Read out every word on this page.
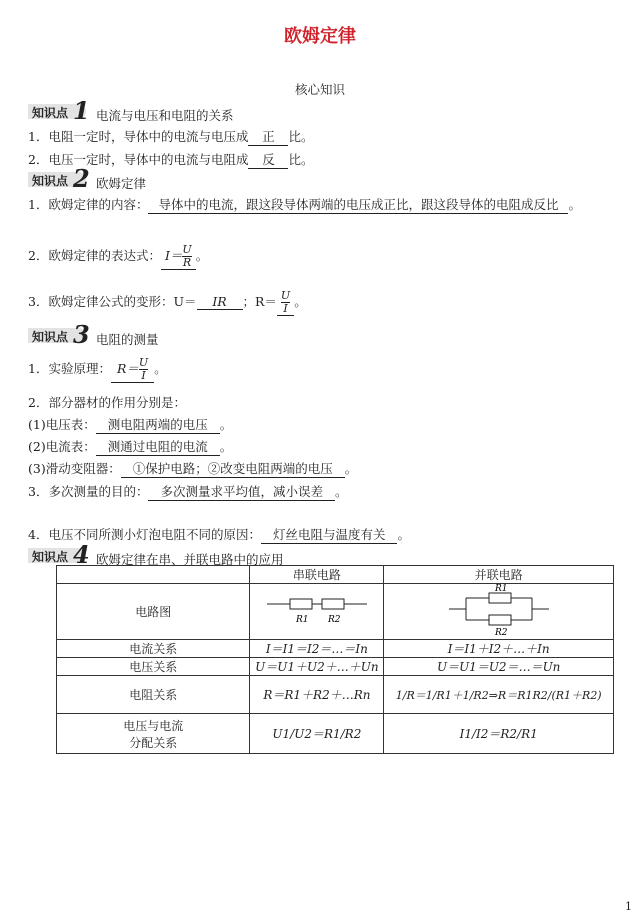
欧姆定律
核心知识
知识点 1 电流与电压和电阻的关系
1．电阻一定时，导体中的电流与电压成 正 比。
2．电压一定时，导体中的电流与电阻成 反 比。
知识点 2 欧姆定律
1．欧姆定律的内容： 导体中的电流，跟这段导体两端的电压成正比，跟这段导体的电阻成反比 。
2．欧姆定律的表达式： $I= \frac{U}{R}$ 。
3．欧姆定律公式的变形：U＝ IR ；$R= \frac{U}{I}$ 。
知识点 3 电阻的测量
1．实验原理： $R= \frac{U}{I}$ 。
2．部分器材的作用分别是：
(1)电压表： 测电阻两端的电压 。
(2)电流表： 测通过电阻的电流 。
(3)滑动变阻器： ①保护电路；②改变电阻两端的电压 。
3．多次测量的目的： 多次测量求平均值，减小误差 。
4．电压不同所测小灯泡电阻不同的原因： 灯丝电阻与温度有关 。
知识点 4 欧姆定律在串、并联电路中的应用
	串联电路	并联电路
电路图	R1 R2	R1
R2

电流关系	I＝I1＝I2＝…＝In	I＝I1＋I2＋…＋In
电压关系	U＝U1＋U2＋…＋Un	U＝U1＝U2＝…＝Un
电阻关系	R＝R1＋R2＋…Rn	1/R＝1/R1＋1/R2⇒R＝R1R2/(R1＋R2)

电压与电流
分配关系	U1/U2＝R1/R2	I1/I2＝R2/R1
1
